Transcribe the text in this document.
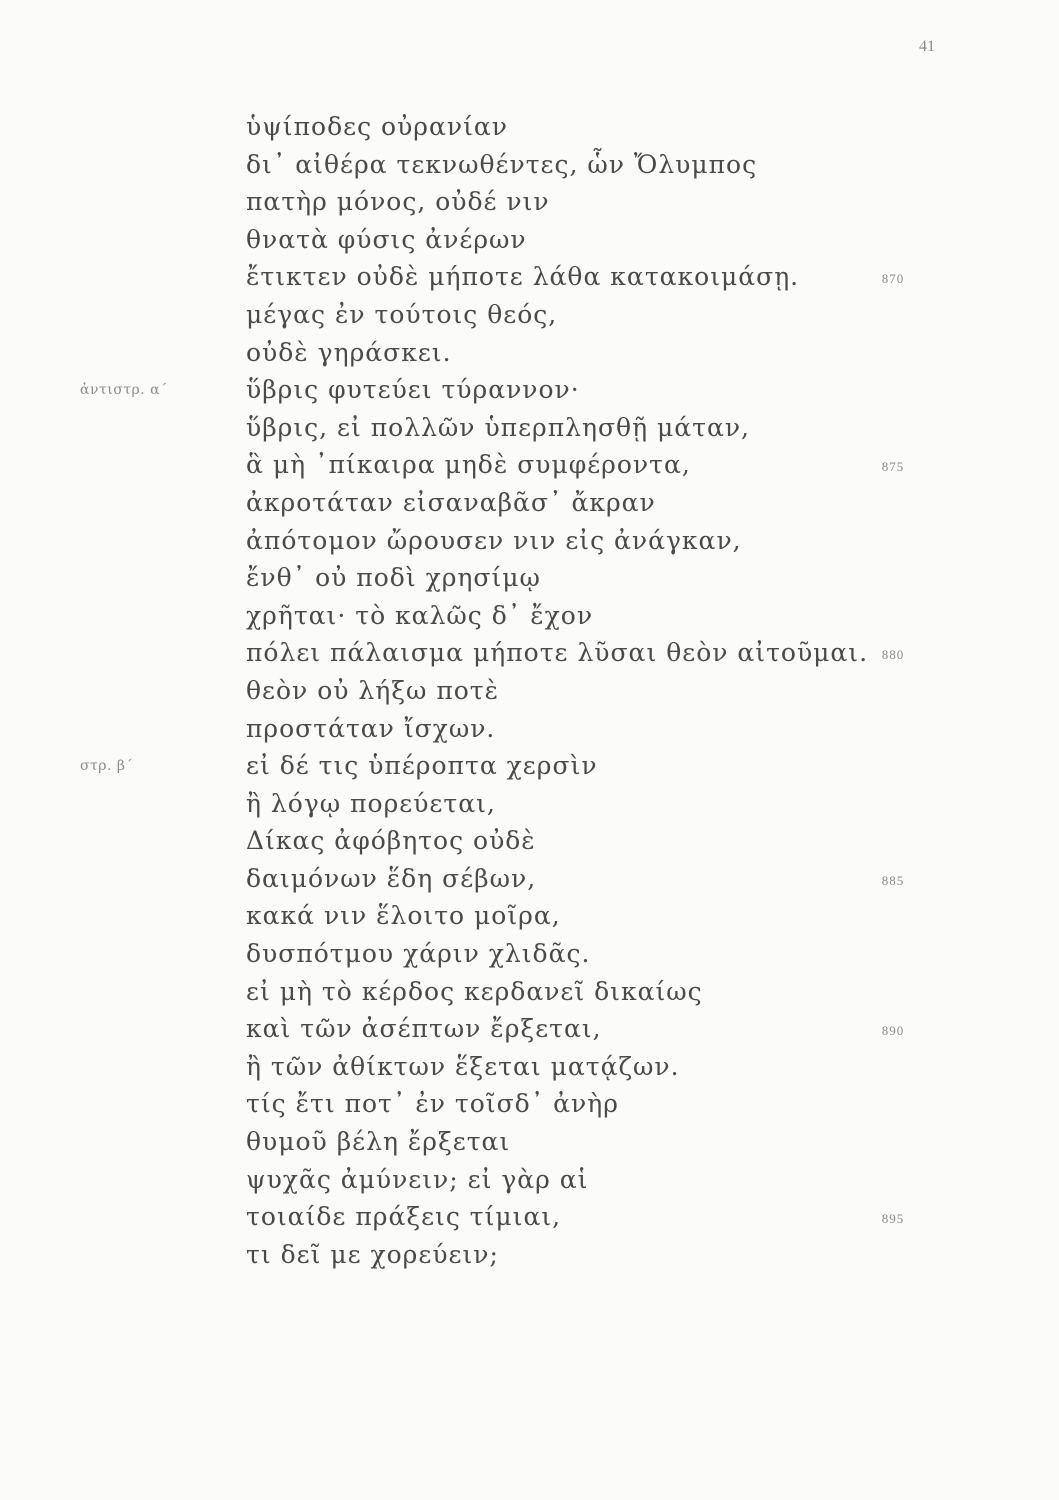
41
ὑψίποδες οὐρανίαν
δι᾽ αἰθέρα τεκνωθέντες, ὧν Ὄλυμπος
πατὴρ μόνος, οὐδέ νιν
θνατὰ φύσις ἀνέρων
ἔτικτεν οὐδὲ μήποτε λάθα κατακοιμάσῃ.	870
μέγας ἐν τούτοις θεός,
οὐδὲ γηράσκει.
ἀντιστρ. α´	ὕβρις φυτεύει τύραννον·
ὕβρις, εἰ πολλῶν ὑπερπλησθῇ μάταν,
ἃ μὴ ᾽πίκαιρα μηδὲ συμφέροντα,	875
ἀκροτάταν εἰσαναβᾶσ᾽ ἄκραν
ἀπότομον ὤρουσεν νιν εἰς ἀνάγκαν,
ἔνθ᾽ οὐ ποδὶ χρησίμῳ
χρῆται· τὸ καλῶς δ᾽ ἔχον
πόλει πάλαισμα μήποτε λῦσαι θεὸν αἰτοῦμαι.	880
θεὸν οὐ λήξω ποτὲ
προστάταν ἴσχων.
στρ. β´	εἰ δέ τις ὑπέροπτα χερσὶν
ἢ λόγῳ πορεύεται,
Δίκας ἀφόβητος οὐδὲ
δαιμόνων ἕδη σέβων,	885
κακά νιν ἕλοιτο μοῖρα,
δυσπότμου χάριν χλιδᾶς.
εἰ μὴ τὸ κέρδος κερδανεῖ δικαίως
καὶ τῶν ἀσέπτων ἔρξεται,	890
ἢ τῶν ἀθίκτων ἕξεται ματᾴζων.
τίς ἔτι ποτ᾽ ἐν τοῖσδ᾽ ἀνὴρ
θυμοῦ βέλη ἔρξεται
ψυχᾶς ἀμύνειν; εἰ γὰρ αἱ
τοιαίδε πράξεις τίμιαι,	895
τι δεῖ με χορεύειν;
